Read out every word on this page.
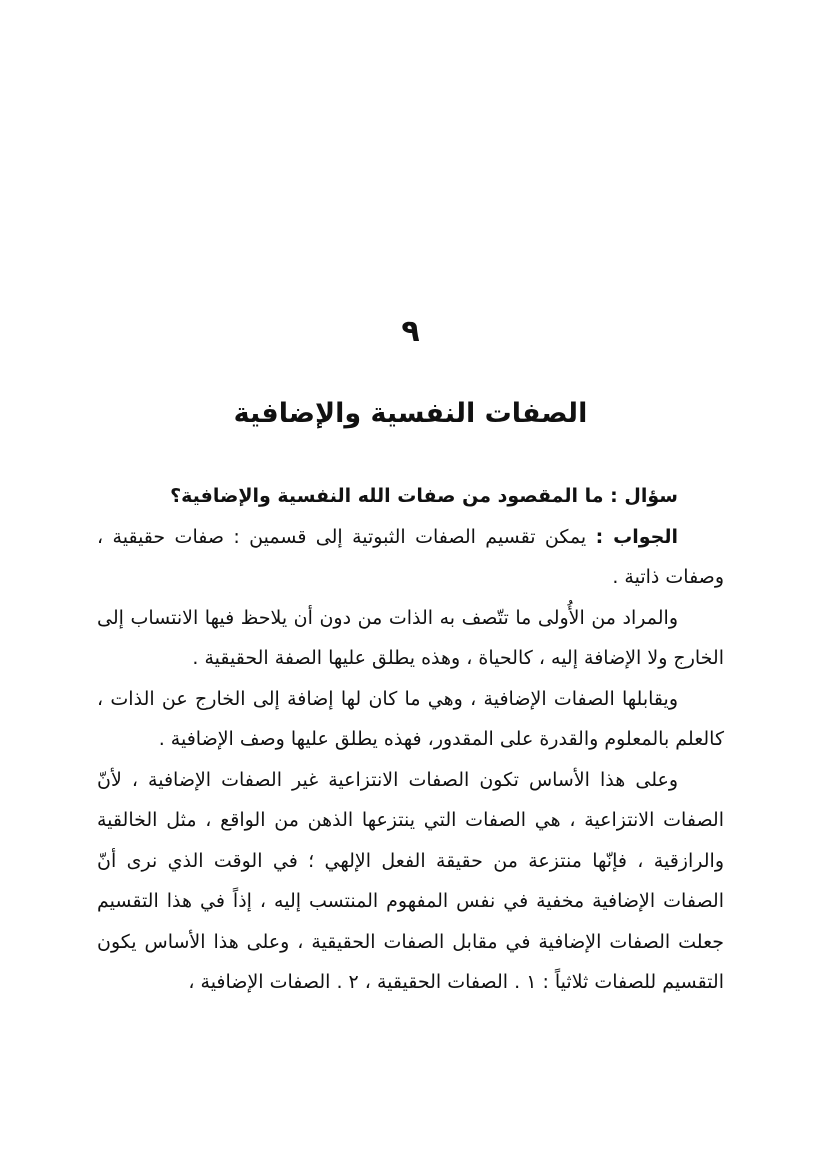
٩
الصفات النفسية والإضافية

سؤال : ما المقصود من صفات الله النفسية والإضافية؟

الجواب : يمكن تقسيم الصفات الثبوتية إلى قسمين : صفات حقيقية ، وصفات ذاتية .

والمراد من الأُولى ما تتّصف به الذات من دون أن يلاحظ فيها الانتساب إلى الخارج ولا الإضافة إليه ، كالحياة ، وهذه يطلق عليها الصفة الحقيقية .

ويقابلها الصفات الإضافية ، وهي ما كان لها إضافة إلى الخارج عن الذات ، كالعلم بالمعلوم والقدرة على المقدور، فهذه يطلق عليها وصف الإضافية .

وعلى هذا الأساس تكون الصفات الانتزاعية غير الصفات الإضافية ، لأنّ الصفات الانتزاعية ، هي الصفات التي ينتزعها الذهن من الواقع ، مثل الخالقية والرازقية ، فإنّها منتزعة من حقيقة الفعل الإلهي ؛ في الوقت الذي نرى أنّ الصفات الإضافية مخفية في نفس المفهوم المنتسب إليه ، إذاً في هذا التقسيم جعلت الصفات الإضافية في مقابل الصفات الحقيقية ، وعلى هذا الأساس يكون التقسيم للصفات ثلاثياً : ١ . الصفات الحقيقية ، ٢ . الصفات الإضافية ،
